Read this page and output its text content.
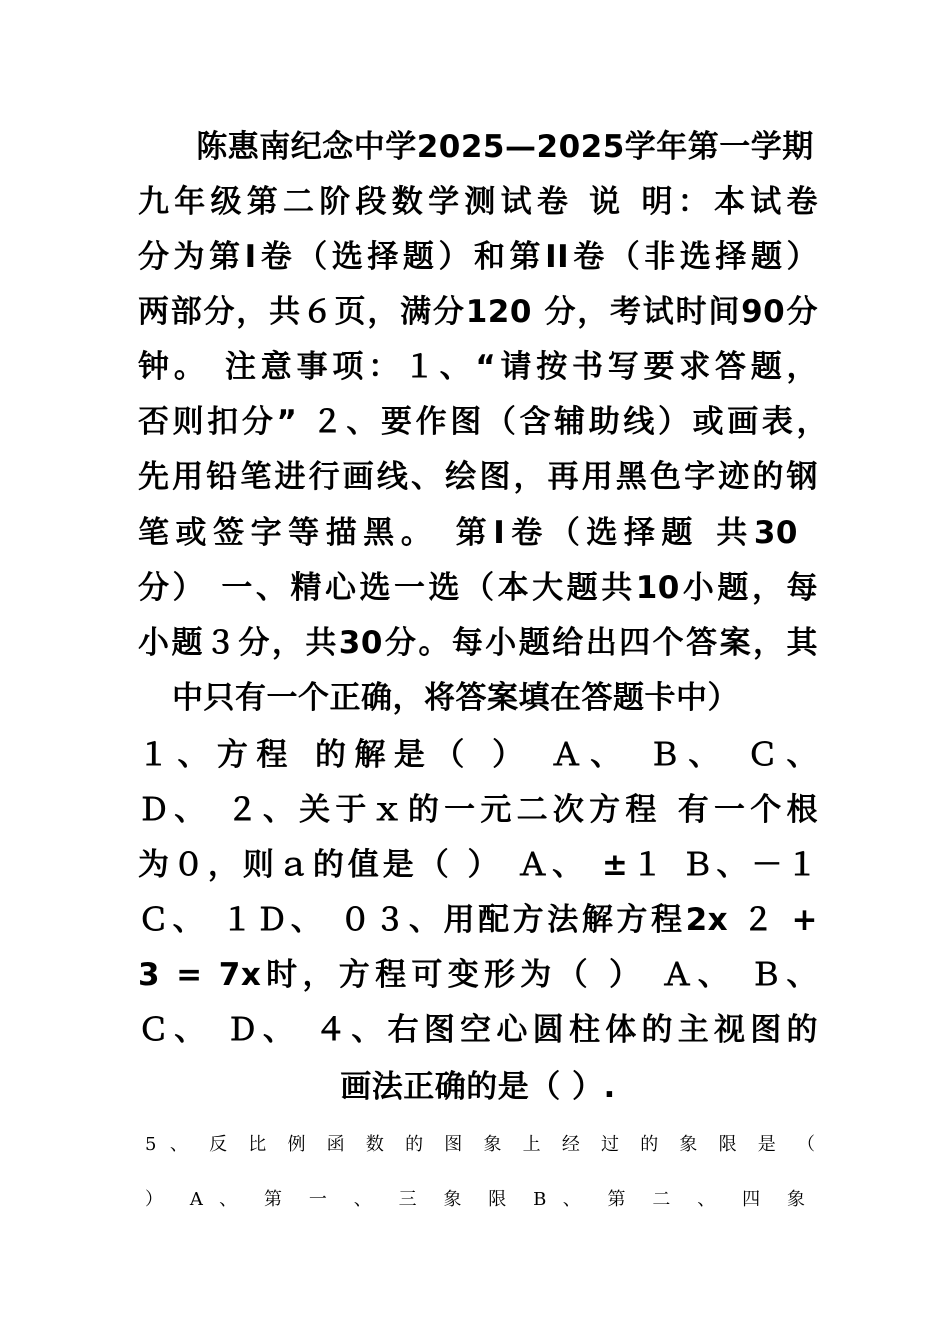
陈惠南纪念中学2025—2025学年第一学期
九年级第二阶段数学测试卷 说 明：本试卷
分为第Ⅰ卷（选择题）和第II卷（非选择题）
两部分，共６页，满分120 分，考试时间90分
钟。 注意事项：１、“请按书写要求答题，
否则扣分” ２、要作图（含辅助线）或画表，
先用铅笔进行画线、绘图，再用黑色字迹的钢
笔或签字等描黑。 第Ⅰ卷（选择题 共30
分） 一、精心选一选（本大题共10小题，每
小题３分，共30分。每小题给出四个答案，其
中只有一个正确，将答案填在答题卡中）
１、方程 的解是（ ） Ａ、 Ｂ、 Ｃ、
Ｄ、 ２、关于ｘ的一元二次方程 有一个根
为０，则ａ的值是（ ） Ａ、 ±１ Ｂ、－１
Ｃ、 １Ｄ、 ０３、用配方法解方程2x ２ +
3 = 7x时，方程可变形为（ ） Ａ、 Ｂ、
Ｃ、 Ｄ、 ４、右图空心圆柱体的主视图的
画法正确的是（ ）.
5 、 反 比 例 函 数 的 图 象 上 经 过 的 象 限 是 （
） A 、 第 一 、 三 象 限 B 、 第 二 、 四 象
